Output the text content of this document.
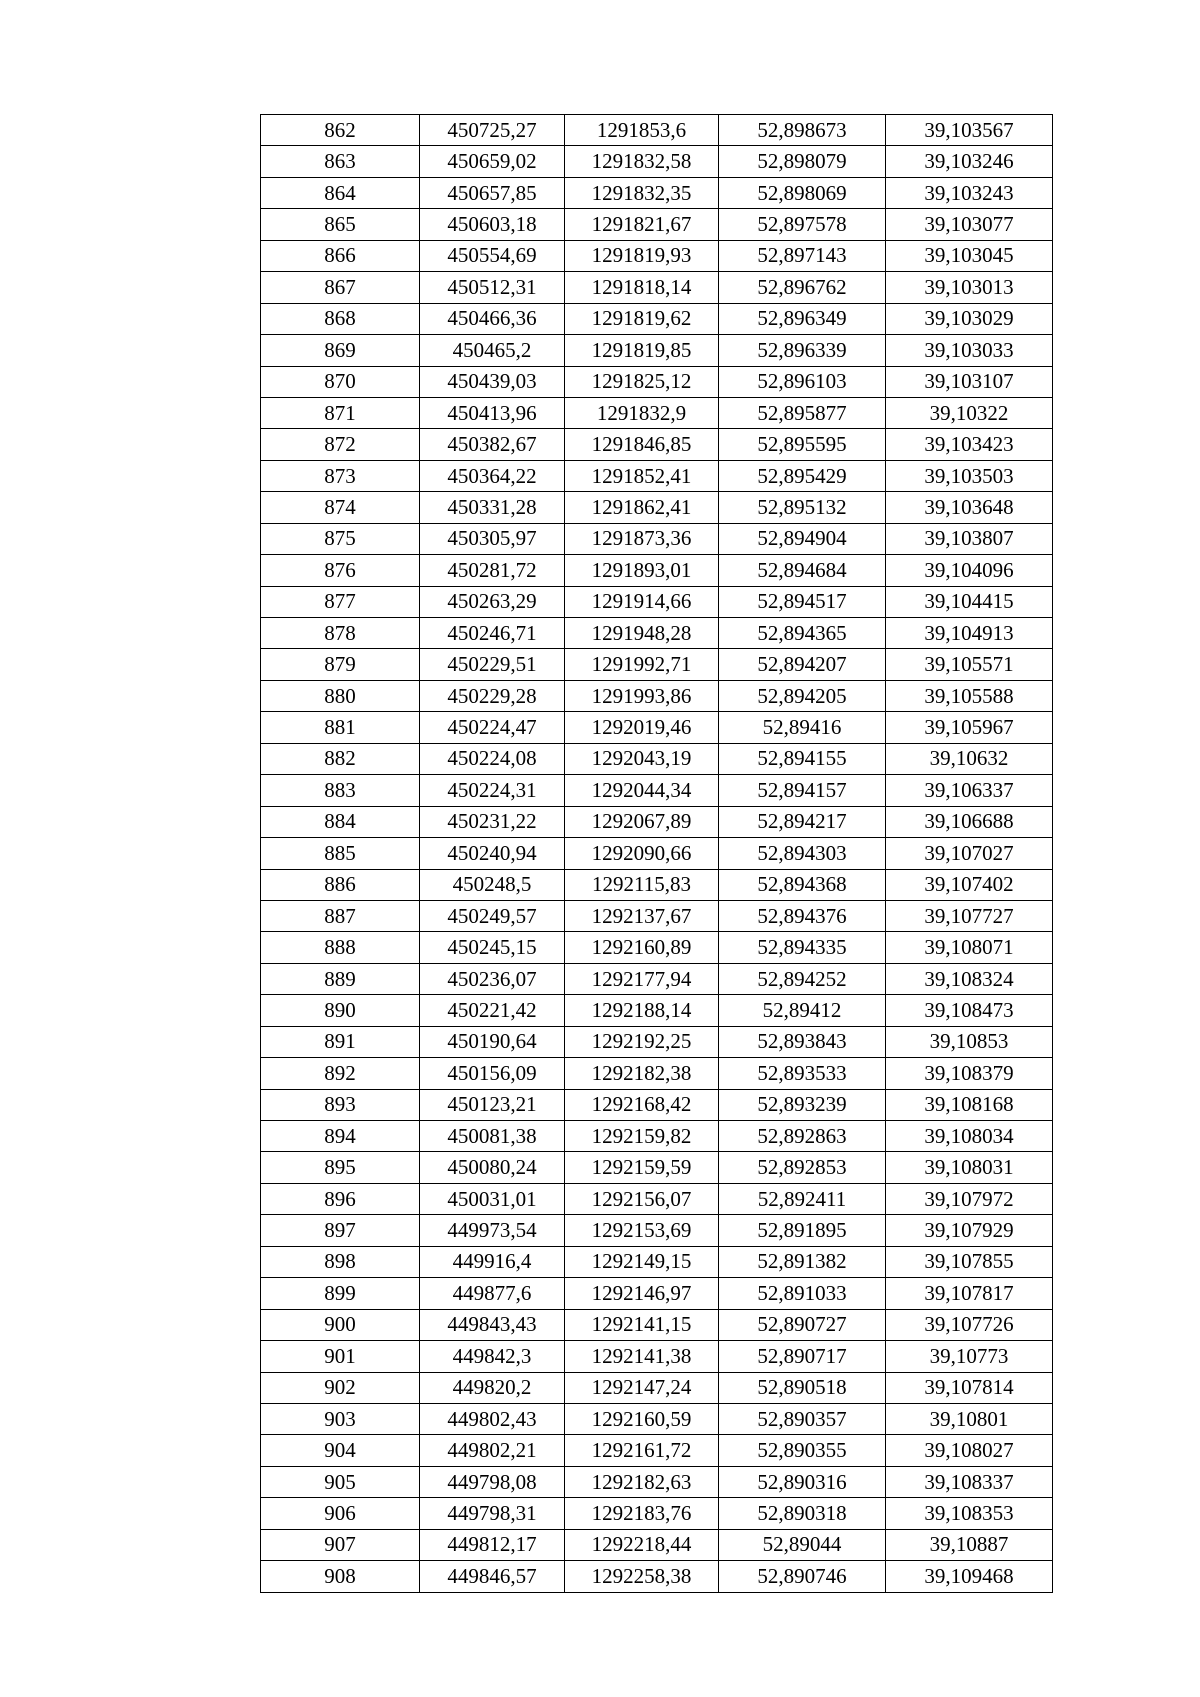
862	450725,27	1291853,6	52,898673	39,103567
863	450659,02	1291832,58	52,898079	39,103246
864	450657,85	1291832,35	52,898069	39,103243
865	450603,18	1291821,67	52,897578	39,103077
866	450554,69	1291819,93	52,897143	39,103045
867	450512,31	1291818,14	52,896762	39,103013
868	450466,36	1291819,62	52,896349	39,103029
869	450465,2	1291819,85	52,896339	39,103033
870	450439,03	1291825,12	52,896103	39,103107
871	450413,96	1291832,9	52,895877	39,10322
872	450382,67	1291846,85	52,895595	39,103423
873	450364,22	1291852,41	52,895429	39,103503
874	450331,28	1291862,41	52,895132	39,103648
875	450305,97	1291873,36	52,894904	39,103807
876	450281,72	1291893,01	52,894684	39,104096
877	450263,29	1291914,66	52,894517	39,104415
878	450246,71	1291948,28	52,894365	39,104913
879	450229,51	1291992,71	52,894207	39,105571
880	450229,28	1291993,86	52,894205	39,105588
881	450224,47	1292019,46	52,89416	39,105967
882	450224,08	1292043,19	52,894155	39,10632
883	450224,31	1292044,34	52,894157	39,106337
884	450231,22	1292067,89	52,894217	39,106688
885	450240,94	1292090,66	52,894303	39,107027
886	450248,5	1292115,83	52,894368	39,107402
887	450249,57	1292137,67	52,894376	39,107727
888	450245,15	1292160,89	52,894335	39,108071
889	450236,07	1292177,94	52,894252	39,108324
890	450221,42	1292188,14	52,89412	39,108473
891	450190,64	1292192,25	52,893843	39,10853
892	450156,09	1292182,38	52,893533	39,108379
893	450123,21	1292168,42	52,893239	39,108168
894	450081,38	1292159,82	52,892863	39,108034
895	450080,24	1292159,59	52,892853	39,108031
896	450031,01	1292156,07	52,892411	39,107972
897	449973,54	1292153,69	52,891895	39,107929
898	449916,4	1292149,15	52,891382	39,107855
899	449877,6	1292146,97	52,891033	39,107817
900	449843,43	1292141,15	52,890727	39,107726
901	449842,3	1292141,38	52,890717	39,10773
902	449820,2	1292147,24	52,890518	39,107814
903	449802,43	1292160,59	52,890357	39,10801
904	449802,21	1292161,72	52,890355	39,108027
905	449798,08	1292182,63	52,890316	39,108337
906	449798,31	1292183,76	52,890318	39,108353
907	449812,17	1292218,44	52,89044	39,10887
908	449846,57	1292258,38	52,890746	39,109468
